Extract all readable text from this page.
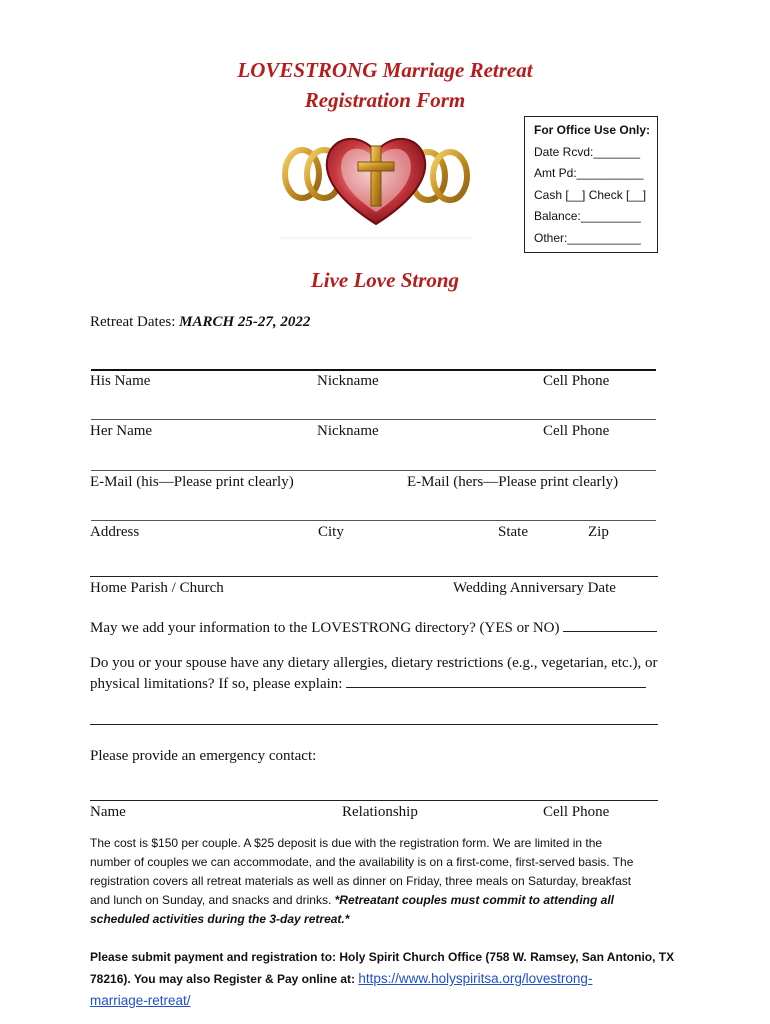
LOVESTRONG Marriage Retreat
Registration Form
For Office Use Only:
Date Rcvd:_______
Amt Pd:__________
Cash [__] Check [__]
Balance:_________
Other:___________
Live Love Strong
Retreat Dates: MARCH 25-27, 2022
His Name	Nickname	Cell Phone
Her Name	Nickname	Cell Phone
E-Mail (his—Please print clearly)	E-Mail (hers—Please print clearly)
Address	City	State	Zip
Home Parish / Church	Wedding Anniversary Date
May we add your information to the LOVESTRONG directory? (YES or NO)
Do you or your spouse have any dietary allergies, dietary restrictions (e.g., vegetarian, etc.), or
physical limitations? If so, please explain:
Please provide an emergency contact:
Name	Relationship	Cell Phone
The cost is $150 per couple. A $25 deposit is due with the registration form. We are limited in the
number of couples we can accommodate, and the availability is on a first-come, first-served basis. The
registration covers all retreat materials as well as dinner on Friday, three meals on Saturday, breakfast
and lunch on Sunday, and snacks and drinks. *Retreatant couples must commit to attending all
scheduled activities during the 3-day retreat.*
Please submit payment and registration to: Holy Spirit Church Office (758 W. Ramsey, San Antonio, TX
78216). You may also Register & Pay online at: https://www.holyspiritsa.org/lovestrong-
marriage-retreat/
